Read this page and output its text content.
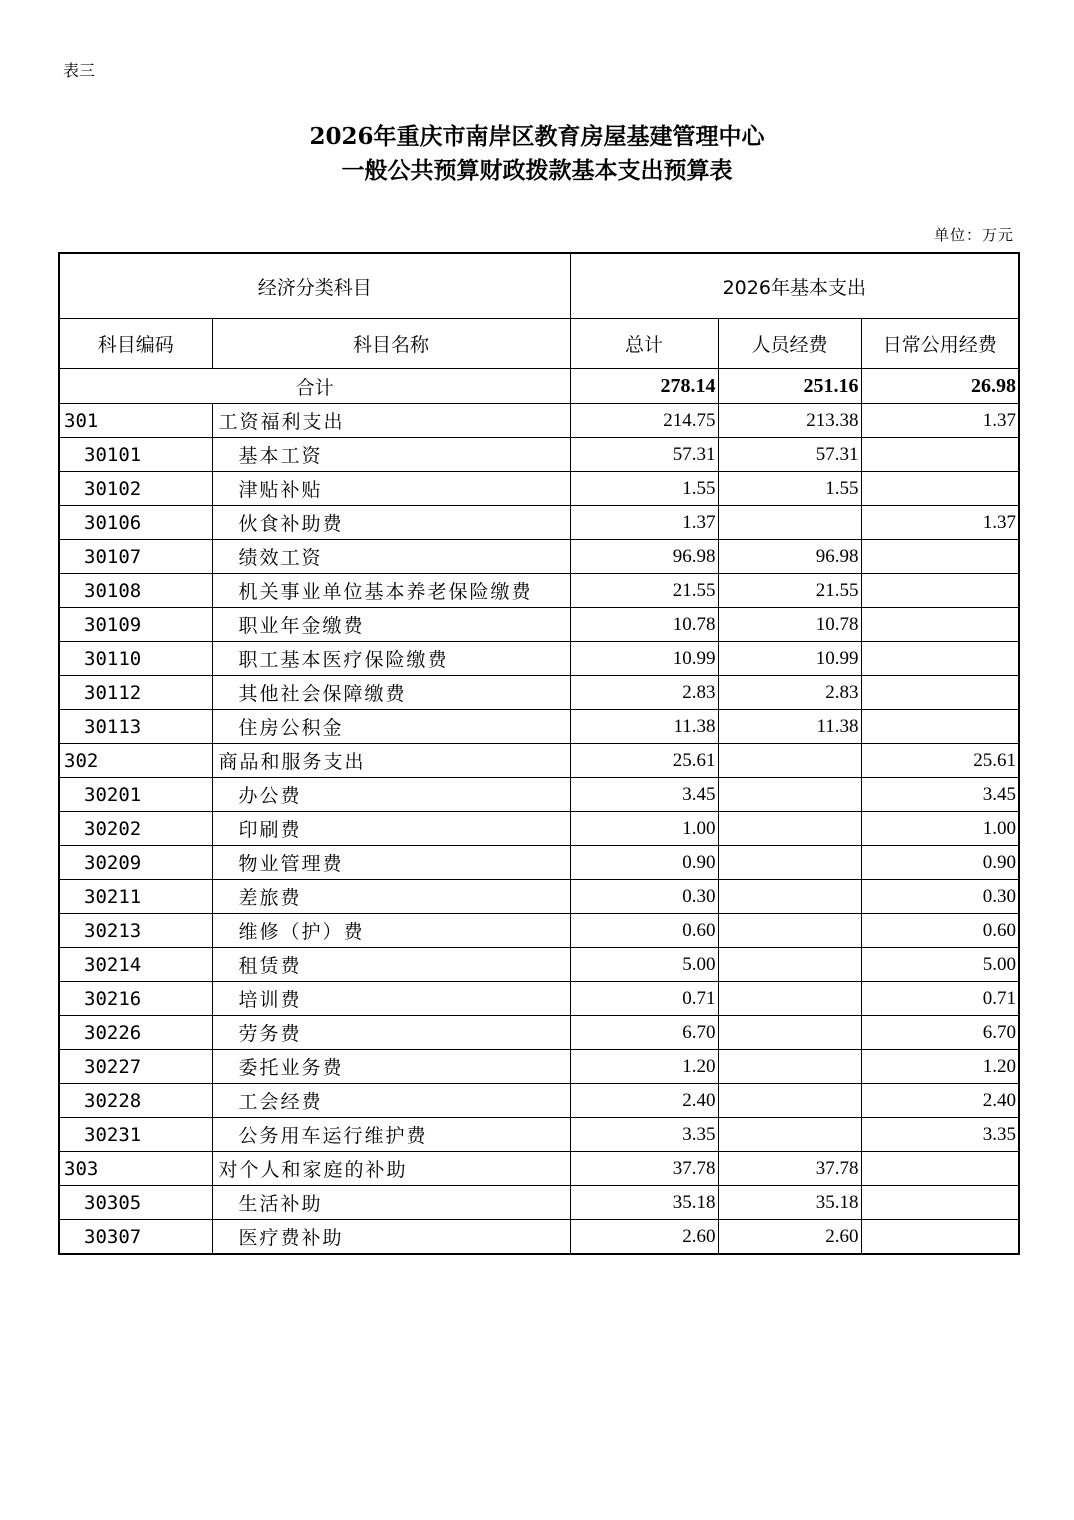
表三
2026年重庆市南岸区教育房屋基建管理中心
一般公共预算财政拨款基本支出预算表
单位：万元
经济分类科目		2026年基本支出		
科目编码	科目名称	总计	人员经费	日常公用经费
合计		278.14	251.16	26.98
301	工资福利支出	214.75	213.38	1.37
30101	基本工资	57.31	57.31	
30102	津贴补贴	1.55	1.55	
30106	伙食补助费	1.37		1.37
30107	绩效工资	96.98	96.98	
30108	机关事业单位基本养老保险缴费	21.55	21.55	
30109	职业年金缴费	10.78	10.78	
30110	职工基本医疗保险缴费	10.99	10.99	
30112	其他社会保障缴费	2.83	2.83	
30113	住房公积金	11.38	11.38	
302	商品和服务支出	25.61		25.61
30201	办公费	3.45		3.45
30202	印刷费	1.00		1.00
30209	物业管理费	0.90		0.90
30211	差旅费	0.30		0.30
30213	维修（护）费	0.60		0.60
30214	租赁费	5.00		5.00
30216	培训费	0.71		0.71
30226	劳务费	6.70		6.70
30227	委托业务费	1.20		1.20
30228	工会经费	2.40		2.40
30231	公务用车运行维护费	3.35		3.35
303	对个人和家庭的补助	37.78	37.78	
30305	生活补助	35.18	35.18	
30307	医疗费补助	2.60	2.60	
